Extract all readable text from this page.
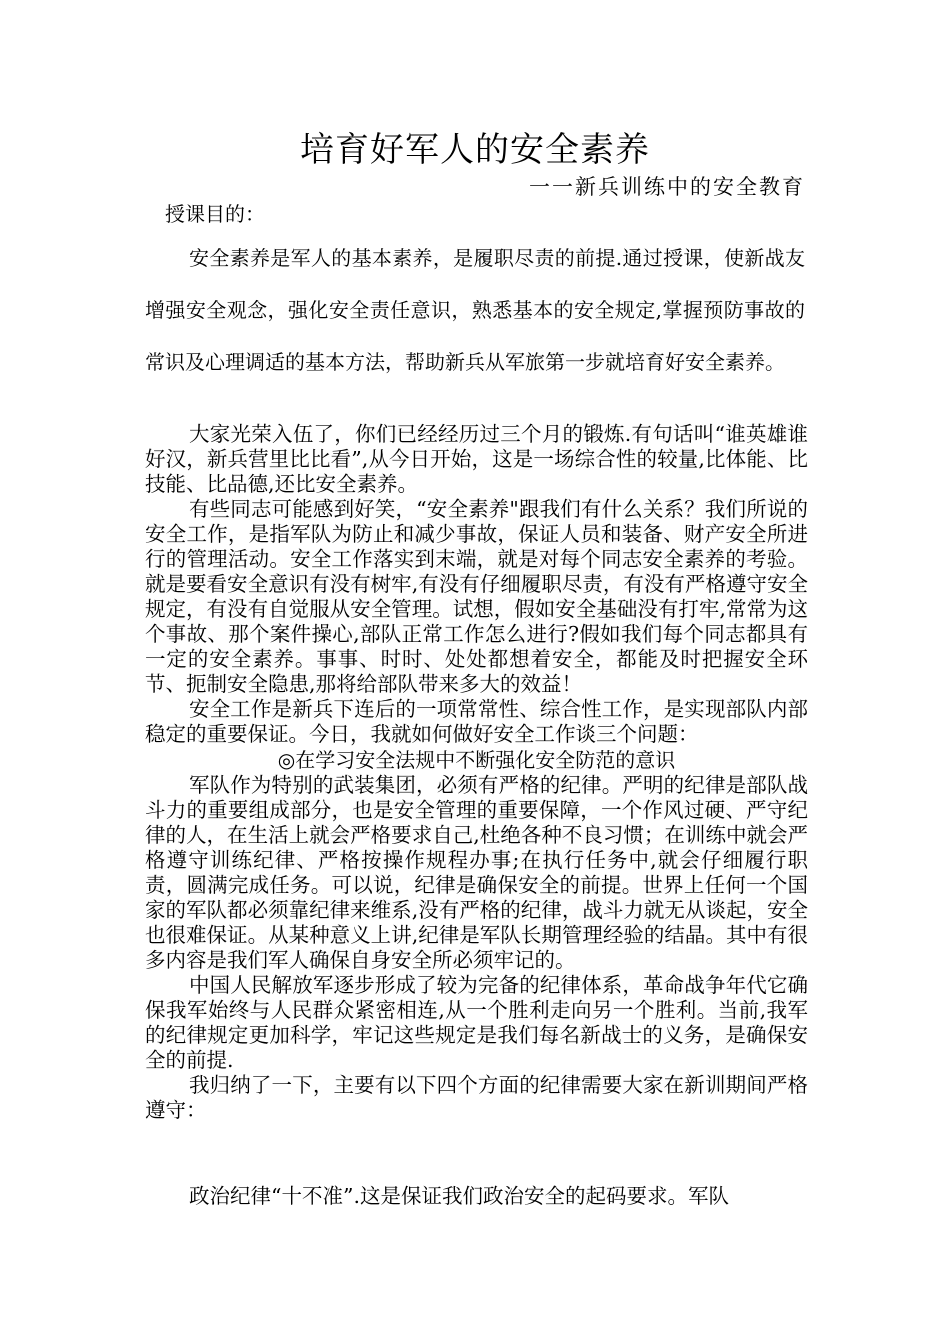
培育好军人的安全素养
一一新兵训练中的安全教育
授课目的：
安全素养是军人的基本素养，是履职尽责的前提.通过授课，使新战友增强安全观念，强化安全责任意识，熟悉基本的安全规定,掌握预防事故的常识及心理调适的基本方法，帮助新兵从军旅第一步就培育好安全素养。

大家光荣入伍了，你们已经经历过三个月的锻炼.有句话叫“谁英雄谁好汉，新兵营里比比看”,从今日开始，这是一场综合性的较量,比体能、比技能、比品德,还比安全素养。

有些同志可能感到好笑，“安全素养"跟我们有什么关系？我们所说的安全工作，是指军队为防止和减少事故，保证人员和装备、财产安全所进行的管理活动。安全工作落实到末端，就是对每个同志安全素养的考验。就是要看安全意识有没有树牢,有没有仔细履职尽责，有没有严格遵守安全规定，有没有自觉服从安全管理。试想，假如安全基础没有打牢,常常为这个事故、那个案件操心,部队正常工作怎么进行?假如我们每个同志都具有一定的安全素养。事事、时时、处处都想着安全，都能及时把握安全环节、扼制安全隐患,那将给部队带来多大的效益！

安全工作是新兵下连后的一项常常性、综合性工作，是实现部队内部稳定的重要保证。今日，我就如何做好安全工作谈三个问题：

◎在学习安全法规中不断强化安全防范的意识

军队作为特别的武装集团，必须有严格的纪律。严明的纪律是部队战斗力的重要组成部分，也是安全管理的重要保障，一个作风过硬、严守纪律的人，在生活上就会严格要求自己,杜绝各种不良习惯；在训练中就会严格遵守训练纪律、严格按操作规程办事;在执行任务中,就会仔细履行职责，圆满完成任务。可以说，纪律是确保安全的前提。世界上任何一个国家的军队都必须靠纪律来维系,没有严格的纪律，战斗力就无从谈起，安全也很难保证。从某种意义上讲,纪律是军队长期管理经验的结晶。其中有很多内容是我们军人确保自身安全所必须牢记的。

中国人民解放军逐步形成了较为完备的纪律体系，革命战争年代它确保我军始终与人民群众紧密相连,从一个胜利走向另一个胜利。当前,我军的纪律规定更加科学，牢记这些规定是我们每名新战士的义务，是确保安全的前提.

我归纳了一下，主要有以下四个方面的纪律需要大家在新训期间严格遵守：

政治纪律“十不准”.这是保证我们政治安全的起码要求。军队
